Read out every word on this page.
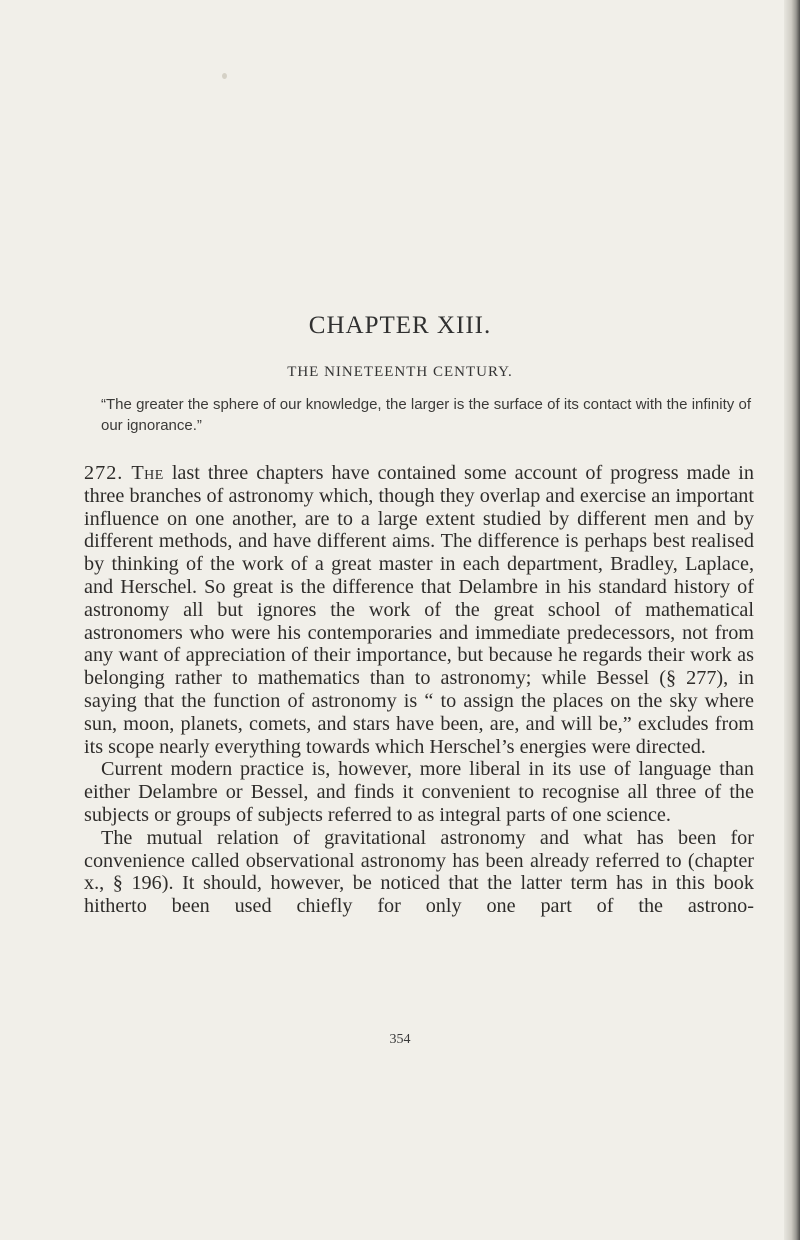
CHAPTER XIII.
THE NINETEENTH CENTURY.
“The greater the sphere of our knowledge, the larger is the surface of its contact with the infinity of our ignorance.”

272. The last three chapters have contained some account of progress made in three branches of astronomy which, though they overlap and exercise an important influence on one another, are to a large extent studied by different men and by different methods, and have different aims. The difference is perhaps best realised by thinking of the work of a great master in each department, Bradley, Laplace, and Herschel. So great is the difference that Delambre in his standard history of astronomy all but ignores the work of the great school of mathematical astronomers who were his contemporaries and immediate predecessors, not from any want of appreciation of their importance, but because he regards their work as belonging rather to mathematics than to astronomy; while Bessel (§ 277), in saying that the function of astronomy is “ to assign the places on the sky where sun, moon, planets, comets, and stars have been, are, and will be,” excludes from its scope nearly everything towards which Herschel’s energies were directed.

Current modern practice is, however, more liberal in its use of language than either Delambre or Bessel, and finds it convenient to recognise all three of the subjects or groups of subjects referred to as integral parts of one science.

The mutual relation of gravitational astronomy and what has been for convenience called observational astronomy has been already referred to (chapter x., § 196). It should, however, be noticed that the latter term has in this book hitherto been used chiefly for only one part of the astrono-

354
